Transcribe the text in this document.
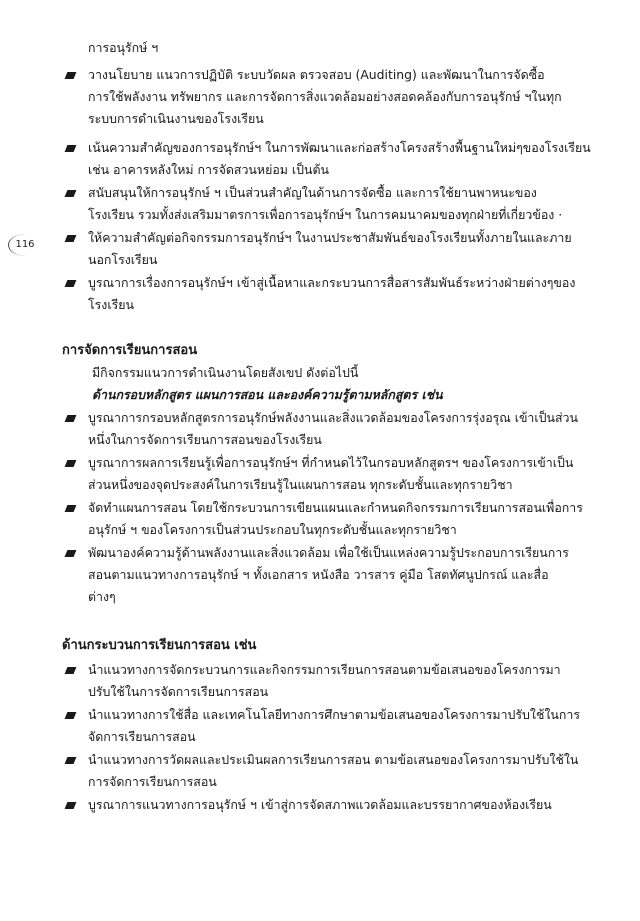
116
การอนุรักษ์ ฯ
วางนโยบาย แนวการปฏิบัติ ระบบวัดผล ตรวจสอบ (Auditing) และพัฒนาในการจัดซื้อ
การใช้พลังงาน ทรัพยากร และการจัดการสิ่งแวดล้อมอย่างสอดคล้องกับการอนุรักษ์ ฯในทุก
ระบบการดำเนินงานของโรงเรียน
เน้นความสำคัญของการอนุรักษ์ฯ ในการพัฒนาและก่อสร้างโครงสร้างพื้นฐานใหม่ๆของโรงเรียน
เช่น อาคารหลังใหม่ การจัดสวนหย่อม เป็นต้น
สนับสนุนให้การอนุรักษ์ ฯ เป็นส่วนสำคัญในด้านการจัดซื้อ และการใช้ยานพาหนะของ
โรงเรียน รวมทั้งส่งเสริมมาตรการเพื่อการอนุรักษ์ฯ ในการคมนาคมของทุกฝ่ายที่เกี่ยวข้อง ·
ให้ความสำคัญต่อกิจกรรมการอนุรักษ์ฯ ในงานประชาสัมพันธ์ของโรงเรียนทั้งภายในและภาย
นอกโรงเรียน
บูรณาการเรื่องการอนุรักษ์ฯ เข้าสู่เนื้อหาและกระบวนการสื่อสารสัมพันธ์ระหว่างฝ่ายต่างๆของ
โรงเรียน
การจัดการเรียนการสอน
มีกิจกรรมแนวการดำเนินงานโดยสังเขป ดังต่อไปนี้
ด้านกรอบหลักสูตร แผนการสอน และองค์ความรู้ตามหลักสูตร เช่น
บูรณาการกรอบหลักสูตรการอนุรักษ์พลังงานและสิ่งแวดล้อมของโครงการรุ่งอรุณ เข้าเป็นส่วน
หนึ่งในการจัดการเรียนการสอนของโรงเรียน
บูรณาการผลการเรียนรู้เพื่อการอนุรักษ์ฯ ที่กำหนดไว้ในกรอบหลักสูตรฯ ของโครงการเข้าเป็น
ส่วนหนึ่งของจุดประสงค์ในการเรียนรู้ในแผนการสอน ทุกระดับชั้นและทุกรายวิชา
จัดทำแผนการสอน โดยใช้กระบวนการเขียนแผนและกำหนดกิจกรรมการเรียนการสอนเพื่อการ
อนุรักษ์ ฯ ของโครงการเป็นส่วนประกอบในทุกระดับชั้นและทุกรายวิชา
พัฒนาองค์ความรู้ด้านพลังงานและสิ่งแวดล้อม เพื่อใช้เป็นแหล่งความรู้ประกอบการเรียนการ
สอนตามแนวทางการอนุรักษ์ ฯ ทั้งเอกสาร หนังสือ วารสาร คู่มือ โสตทัศนูปกรณ์ และสื่อ
ต่างๆ
ด้านกระบวนการเรียนการสอน เช่น
นำแนวทางการจัดกระบวนการและกิจกรรมการเรียนการสอนตามข้อเสนอของโครงการมา
ปรับใช้ในการจัดการเรียนการสอน
นำแนวทางการใช้สื่อ และเทคโนโลยีทางการศึกษาตามข้อเสนอของโครงการมาปรับใช้ในการ
จัดการเรียนการสอน
นำแนวทางการวัดผลและประเมินผลการเรียนการสอน ตามข้อเสนอของโครงการมาปรับใช้ใน
การจัดการเรียนการสอน
บูรณาการแนวทางการอนุรักษ์ ฯ เข้าสู่การจัดสภาพแวดล้อมและบรรยากาศของห้องเรียน
